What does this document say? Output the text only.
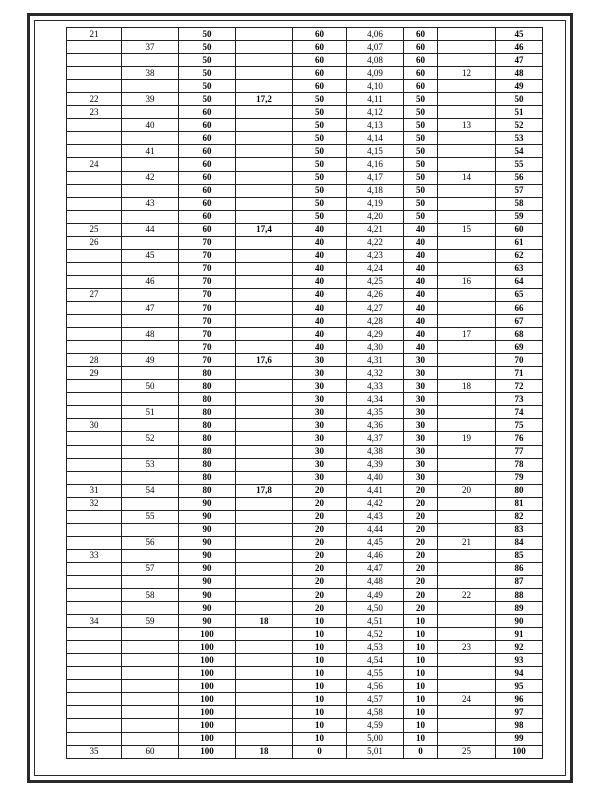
21		50		60	4,06	60		45
	37	50		60	4,07	60		46
		50		60	4,08	60		47
	38	50		60	4,09	60	12	48
		50		60	4,10	60		49
22	39	50	17,2	50	4,11	50		50
23		60		50	4,12	50		51
	40	60		50	4,13	50	13	52
		60		50	4,14	50		53
	41	60		50	4,15	50		54
24		60		50	4,16	50		55
	42	60		50	4,17	50	14	56
		60		50	4,18	50		57
	43	60		50	4,19	50		58
		60		50	4,20	50		59
25	44	60	17,4	40	4,21	40	15	60
26		70		40	4,22	40		61
	45	70		40	4,23	40		62
		70		40	4,24	40		63
	46	70		40	4,25	40	16	64
27		70		40	4,26	40		65
	47	70		40	4,27	40		66
		70		40	4,28	40		67
	48	70		40	4,29	40	17	68
		70		40	4,30	40		69
28	49	70	17,6	30	4,31	30		70
29		80		30	4,32	30		71
	50	80		30	4,33	30	18	72
		80		30	4,34	30		73
	51	80		30	4,35	30		74
30		80		30	4,36	30		75
	52	80		30	4,37	30	19	76
		80		30	4,38	30		77
	53	80		30	4,39	30		78
		80		30	4,40	30		79
31	54	80	17,8	20	4,41	20	20	80
32		90		20	4,42	20		81
	55	90		20	4,43	20		82
		90		20	4,44	20		83
	56	90		20	4,45	20	21	84
33		90		20	4,46	20		85
	57	90		20	4,47	20		86
		90		20	4,48	20		87
	58	90		20	4,49	20	22	88
		90		20	4,50	20		89
34	59	90	18	10	4,51	10		90
		100		10	4,52	10		91
		100		10	4,53	10	23	92
		100		10	4,54	10		93
		100		10	4,55	10		94
		100		10	4,56	10		95
		100		10	4,57	10	24	96
		100		10	4,58	10		97
		100		10	4,59	10		98
		100		10	5,00	10		99
35	60	100	18	0	5,01	0	25	100
